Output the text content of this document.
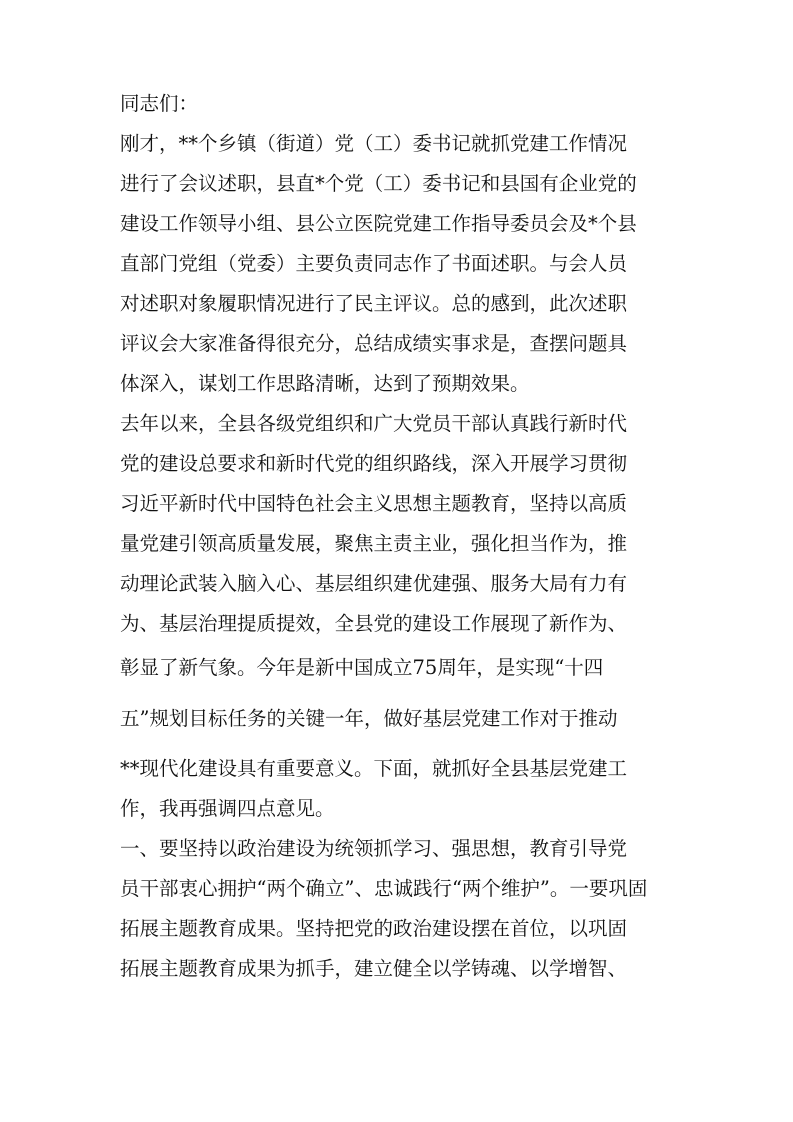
同志们：
刚才，**个乡镇（街道）党（工）委书记就抓党建工作情况
进行了会议述职，县直*个党（工）委书记和县国有企业党的
建设工作领导小组、县公立医院党建工作指导委员会及*个县
直部门党组（党委）主要负责同志作了书面述职。与会人员
对述职对象履职情况进行了民主评议。总的感到，此次述职
评议会大家准备得很充分，总结成绩实事求是，查摆问题具
体深入，谋划工作思路清晰，达到了预期效果。
去年以来，全县各级党组织和广大党员干部认真践行新时代
党的建设总要求和新时代党的组织路线，深入开展学习贯彻
习近平新时代中国特色社会主义思想主题教育，坚持以高质
量党建引领高质量发展，聚焦主责主业，强化担当作为，推
动理论武装入脑入心、基层组织建优建强、服务大局有力有
为、基层治理提质提效，全县党的建设工作展现了新作为、
彰显了新气象。今年是新中国成立75周年，是实现“十四
五”规划目标任务的关键一年，做好基层党建工作对于推动
**现代化建设具有重要意义。下面，就抓好全县基层党建工
作，我再强调四点意见。
一、要坚持以政治建设为统领抓学习、强思想，教育引导党
员干部衷心拥护“两个确立”、忠诚践行“两个维护”。一要巩固
拓展主题教育成果。坚持把党的政治建设摆在首位，以巩固
拓展主题教育成果为抓手，建立健全以学铸魂、以学增智、
